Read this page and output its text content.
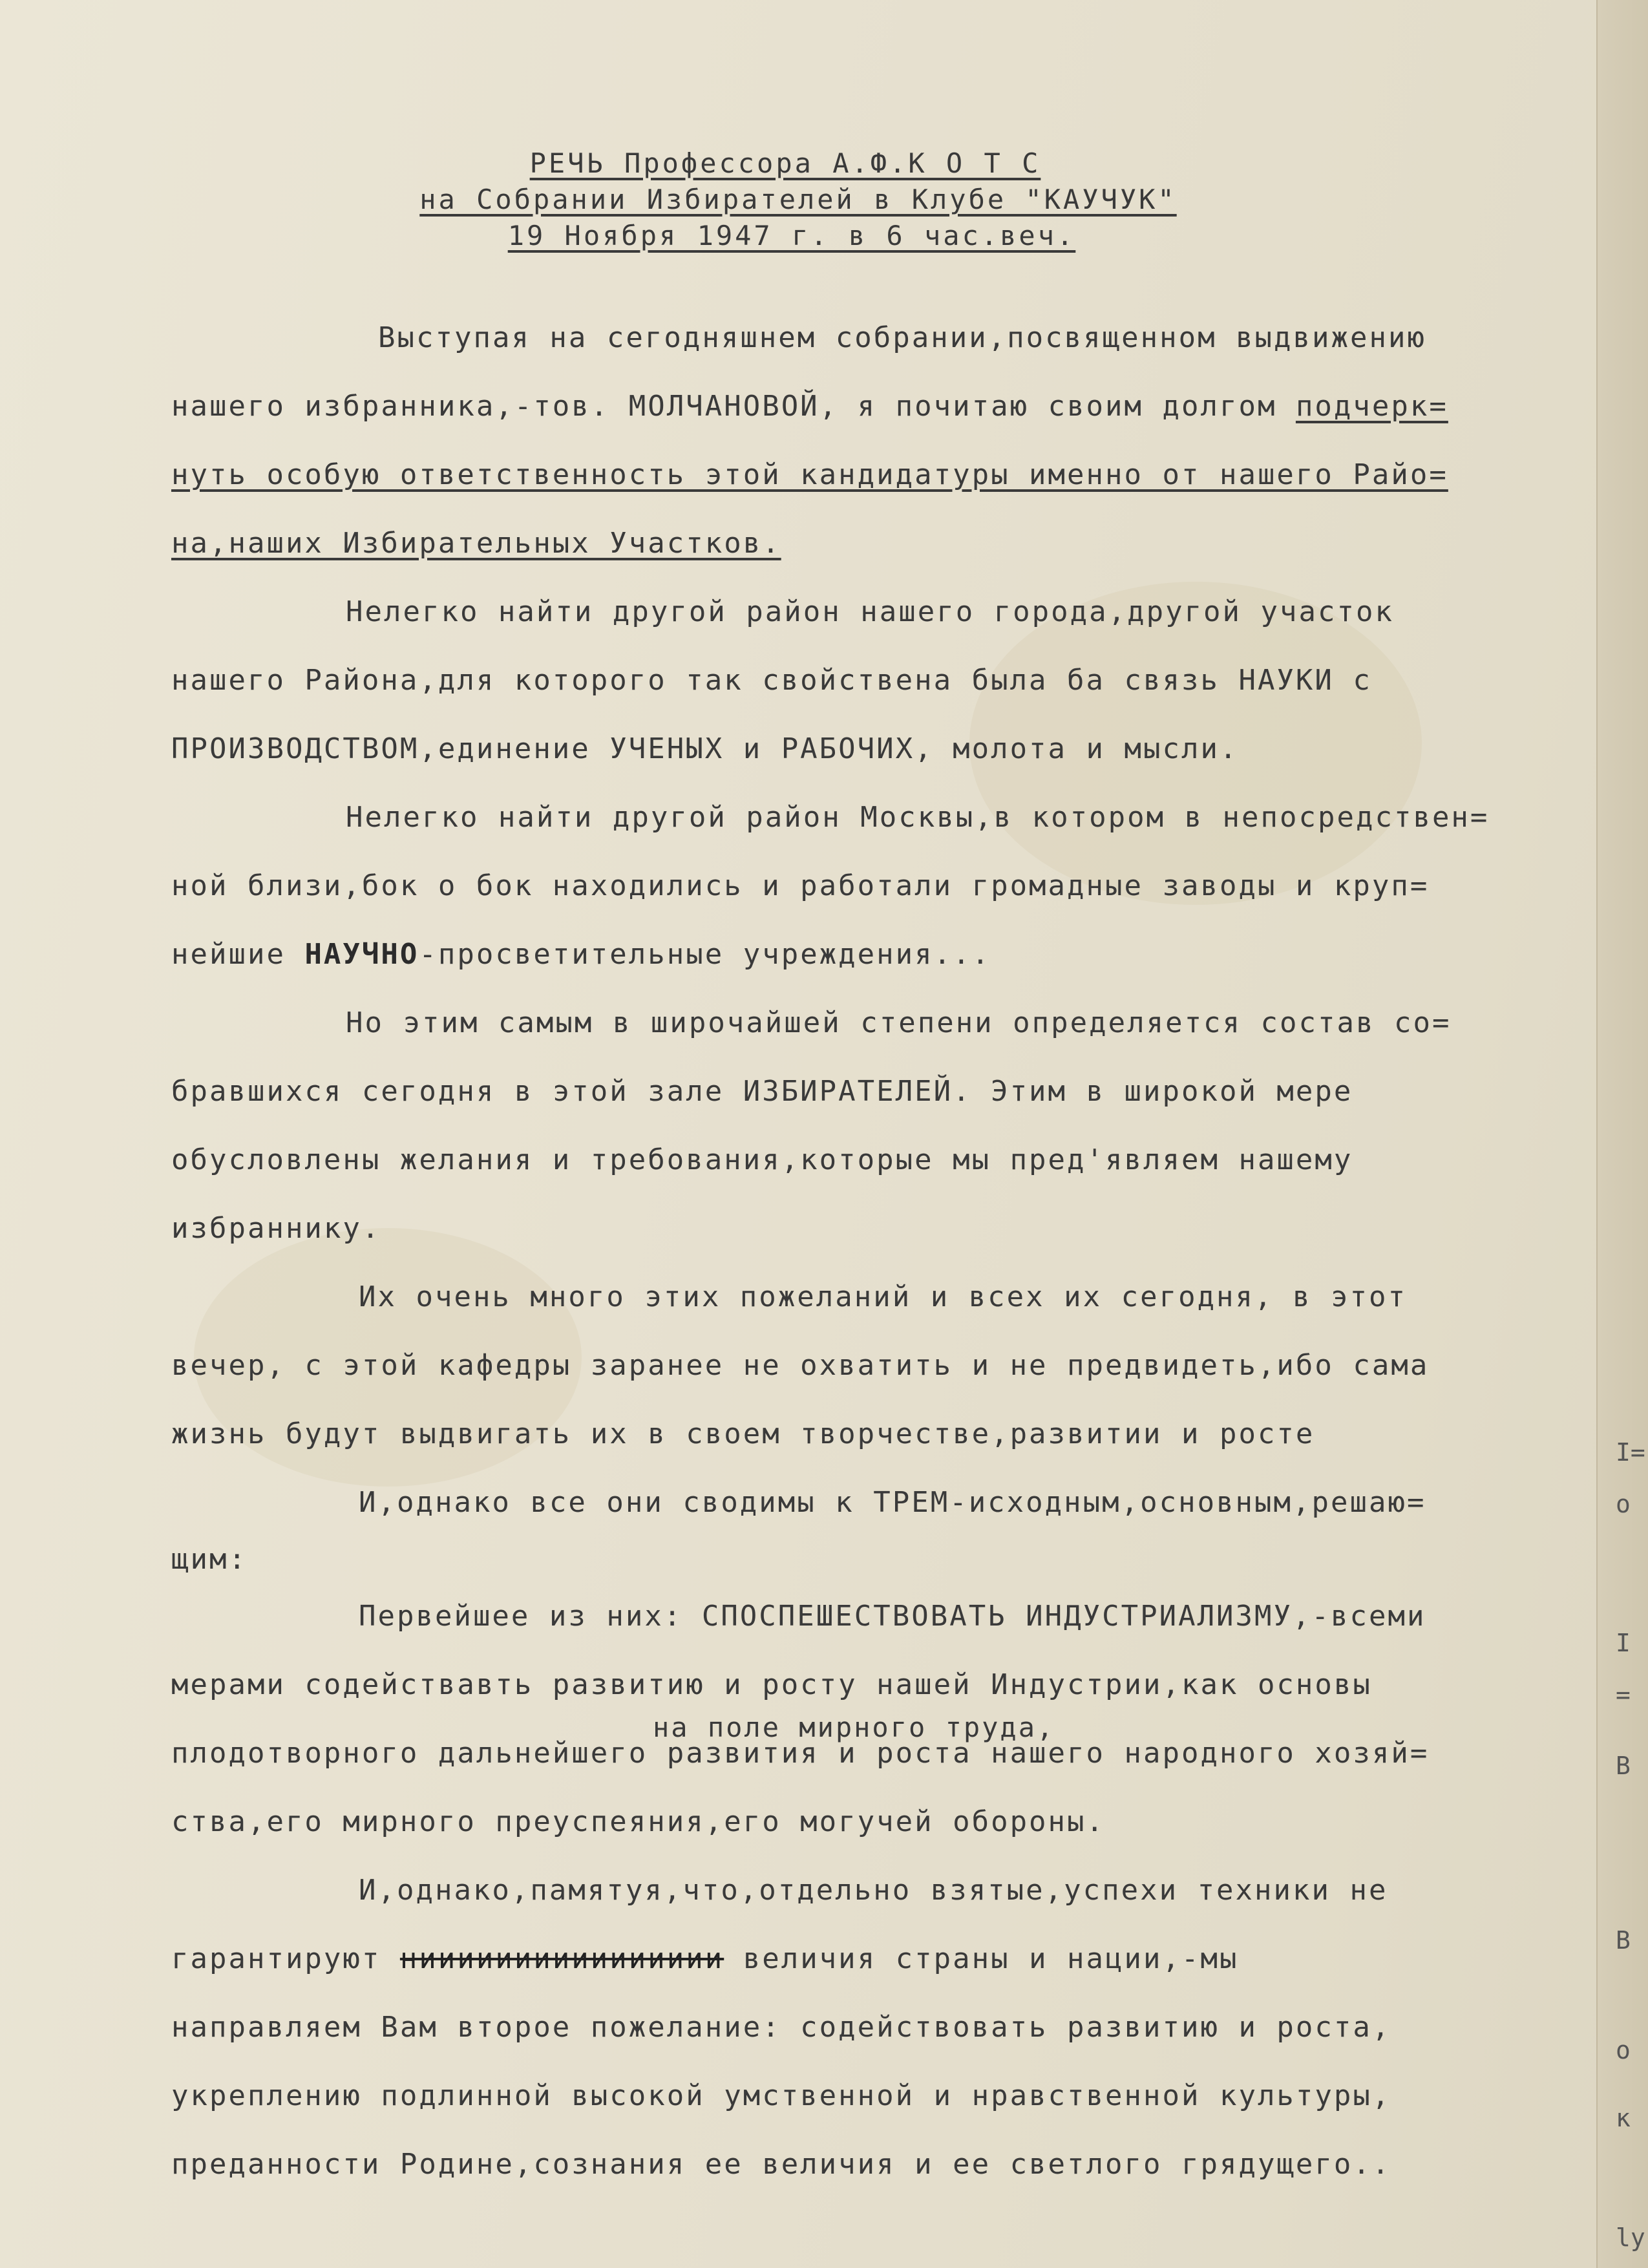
РЕЧЬ Профессора А.Ф.К О Т С
на Собрании Избирателей в Клубе "КАУЧУК"
19 Ноября 1947 г. в 6 час.веч.
Выступая на сегодняшнем собрании,посвященном выдвижению
нашего избранника,-тов. МОЛЧАНОВОЙ, я почитаю своим долгом подчерк=
нуть особую ответственность этой кандидатуры именно от нашего Райо=
на,наших Избирательных Участков.
Нелегко найти другой район нашего города,другой участок
нашего Района,для которого так свойствена была ба связь НАУКИ с
ПРОИЗВОДСТВОМ,единение УЧЕНЫХ и РАБОЧИХ, молота и мысли.
Нелегко найти другой район Москвы,в котором в непосредствен=
ной близи,бок о бок находились и работали громадные заводы и круп=
нейшие НАУЧНО-просветительные учреждения...
Но этим самым в широчайшей степени определяется состав со=
бравшихся сегодня в этой зале ИЗБИРАТЕЛЕЙ. Этим в широкой мере
обусловлены желания и требования,которые мы пред'являем нашему
избраннику.
Их очень много этих пожеланий и всех их сегодня, в этот
вечер, с этой кафедры заранее не охватить и не предвидеть,ибо сама
жизнь будут выдвигать их в своем творчестве,развитии и росте
И,однако все они сводимы к ТРЕМ-исходным,основным,решаю=
щим:
Первейшее из них: СПОСПЕШЕСТВОВАТЬ ИНДУСТРИАЛИЗМУ,-всеми
мерами содействавть развитию и росту нашей Индустрии,как основы
плодотворного дальнейшего развития и роста нашего народного хозяй=
ства,его мирного преуспеяния,его могучей обороны.
И,однако,памятуя,что,отдельно взятые,успехи техники не
гарантируют нииииииииииииииии величия страны и нации,-мы
направляем Вам второе пожелание: содействовать развитию и роста,
укреплению подлинной высокой умственной и нравственной культуры,
преданности Родине,сознания ее величия и ее светлого грядущего..
на поле мирного труда,
I=
o
I
=
B
B
o
к
ly
